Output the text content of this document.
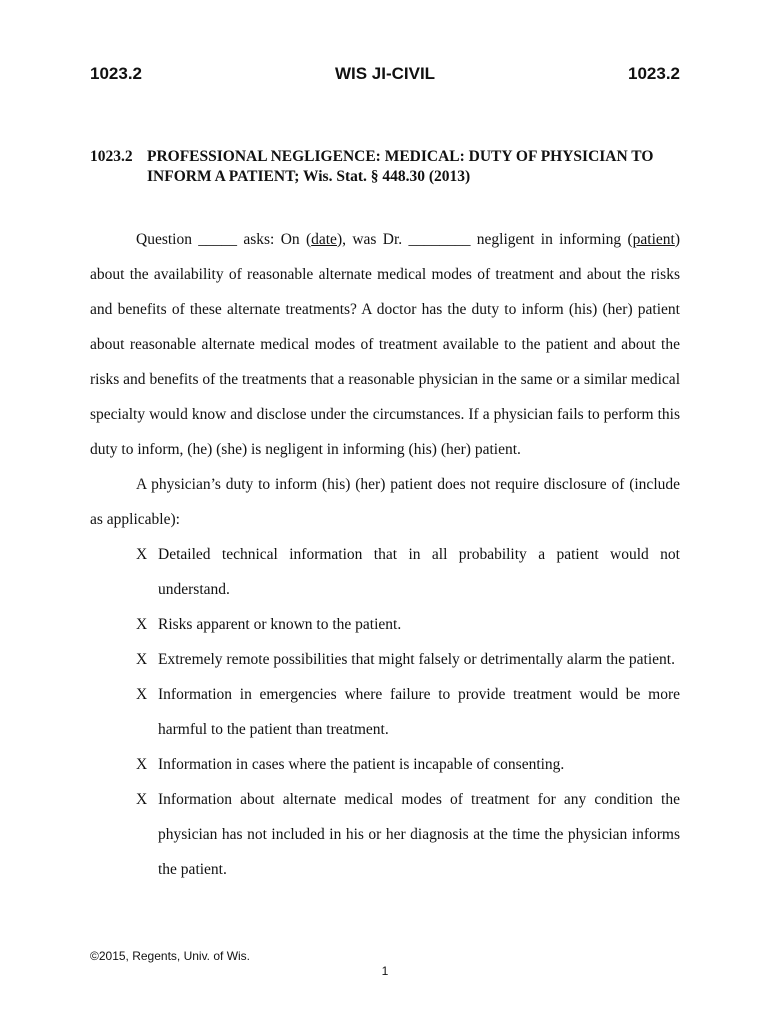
1023.2	WIS JI-CIVIL	1023.2
1023.2 PROFESSIONAL NEGLIGENCE: MEDICAL: DUTY OF PHYSICIAN TO
INFORM A PATIENT; Wis. Stat. § 448.30 (2013)

Question _____ asks: On (date), was Dr. ________ negligent in informing (patient) about the availability of reasonable alternate medical modes of treatment and about the risks and benefits of these alternate treatments? A doctor has the duty to inform (his) (her) patient about reasonable alternate medical modes of treatment available to the patient and about the risks and benefits of the treatments that a reasonable physician in the same or a similar medical specialty would know and disclose under the circumstances. If a physician fails to perform this duty to inform, (he) (she) is negligent in informing (his) (her) patient.

A physician’s duty to inform (his) (her) patient does not require disclosure of (include as applicable):

X Detailed technical information that in all probability a patient would not understand.
X Risks apparent or known to the patient.
X Extremely remote possibilities that might falsely or detrimentally alarm the patient.
X Information in emergencies where failure to provide treatment would be more harmful to the patient than treatment.
X Information in cases where the patient is incapable of consenting.
X Information about alternate medical modes of treatment for any condition the physician has not included in his or her diagnosis at the time the physician informs the patient.
©2015, Regents, Univ. of Wis.
1
